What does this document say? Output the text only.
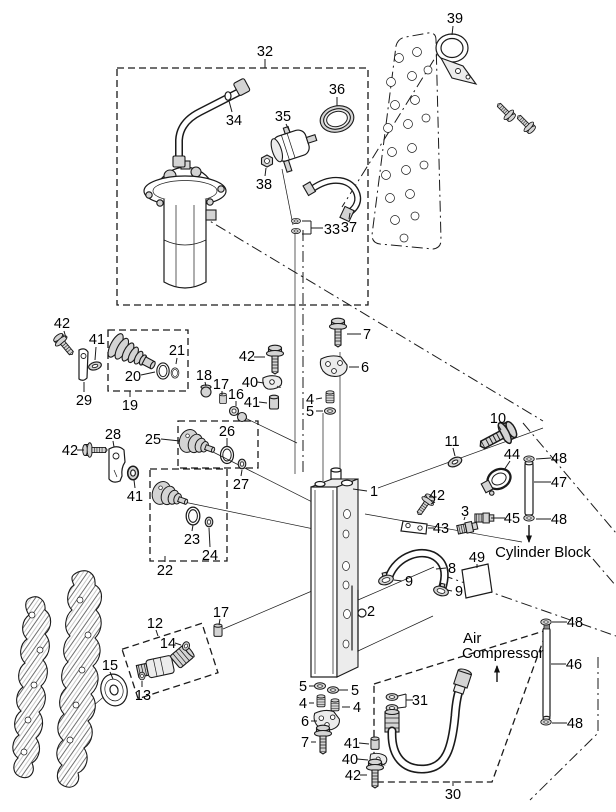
32
39
34 35
36
38
33 37
42
41
29 19
20
21
18
17
16
40
41
42
7
6
4
5
1
2
10
11
44 48
47
42
3
43
45 48
49
8
9
9
25	26
27
28
42
41
22
23
24
12
14
13
15
17
5	5
4	4
6
7 41
40
42
31
30
46
48
48
Cylinder Block
Air
Compressor
